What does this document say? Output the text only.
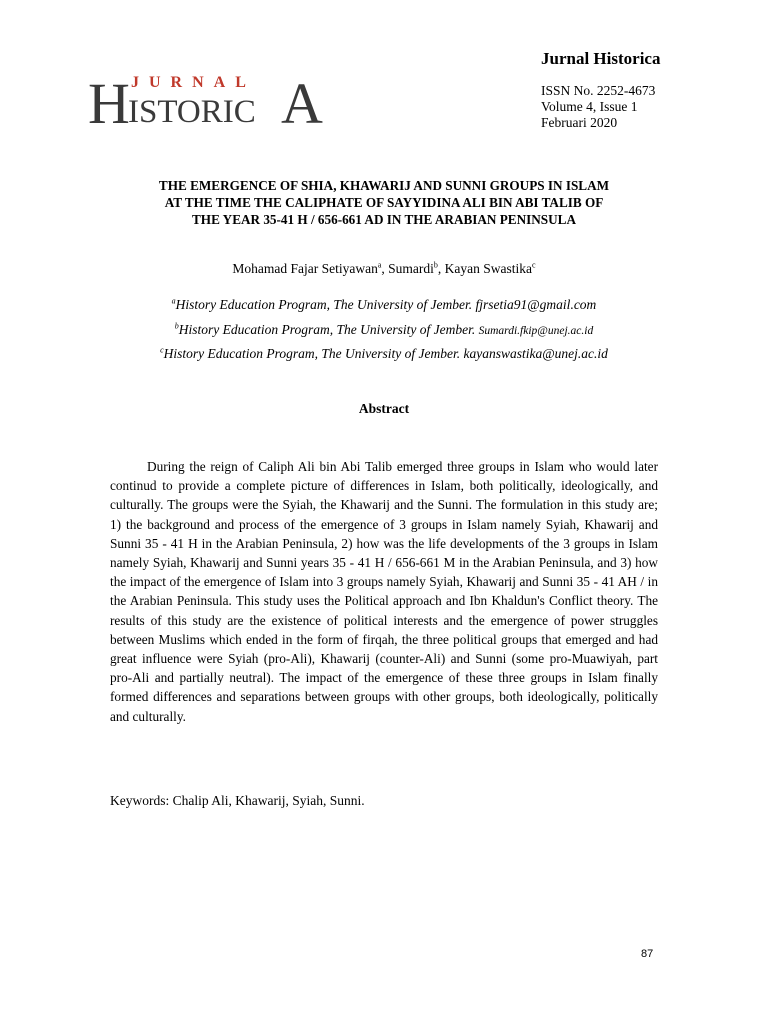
H JURNAL
ISTORIC A
Jurnal Historica
ISSN No. 2252-4673
Volume 4, Issue 1
Februari 2020
THE EMERGENCE OF SHIA, KHAWARIJ AND SUNNI GROUPS IN ISLAM
AT THE TIME THE CALIPHATE OF SAYYIDINA ALI BIN ABI TALIB OF
THE YEAR 35-41 H / 656-661 AD IN THE ARABIAN PENINSULA
Mohamad Fajar Setiyawan$^a$, Sumardi$^b$, Kayan Swastika$^c$
$^a$History Education Program, The University of Jember. fjrsetia91@gmail.com
$^b$History Education Program, The University of Jember. Sumardi.fkip@unej.ac.id
$^c$History Education Program, The University of Jember. kayanswastika@unej.ac.id
Abstract
During the reign of Caliph Ali bin Abi Talib emerged three groups in Islam who would later continud to provide a complete picture of differences in Islam, both politically, ideologically, and culturally. The groups were the Syiah, the Khawarij and the Sunni. The formulation in this study are; 1) the background and process of the emergence of 3 groups in Islam namely Syiah, Khawarij and Sunni 35 - 41 H in the Arabian Peninsula, 2) how was the life developments of the 3 groups in Islam namely Syiah, Khawarij and Sunni years 35 - 41 H / 656-661 M in the Arabian Peninsula, and 3) how the impact of the emergence of Islam into 3 groups namely Syiah, Khawarij and Sunni 35 - 41 AH / in the Arabian Peninsula. This study uses the Political approach and Ibn Khaldun's Conflict theory. The results of this study are the existence of political interests and the emergence of power struggles between Muslims which ended in the form of firqah, the three political groups that emerged and had great influence were Syiah (pro-Ali), Khawarij (counter-Ali) and Sunni (some pro-Muawiyah, part pro-Ali and partially neutral). The impact of the emergence of these three groups in Islam finally formed differences and separations between groups with other groups, both ideologically, politically and culturally.
Keywords: Chalip Ali, Khawarij, Syiah, Sunni.
87
